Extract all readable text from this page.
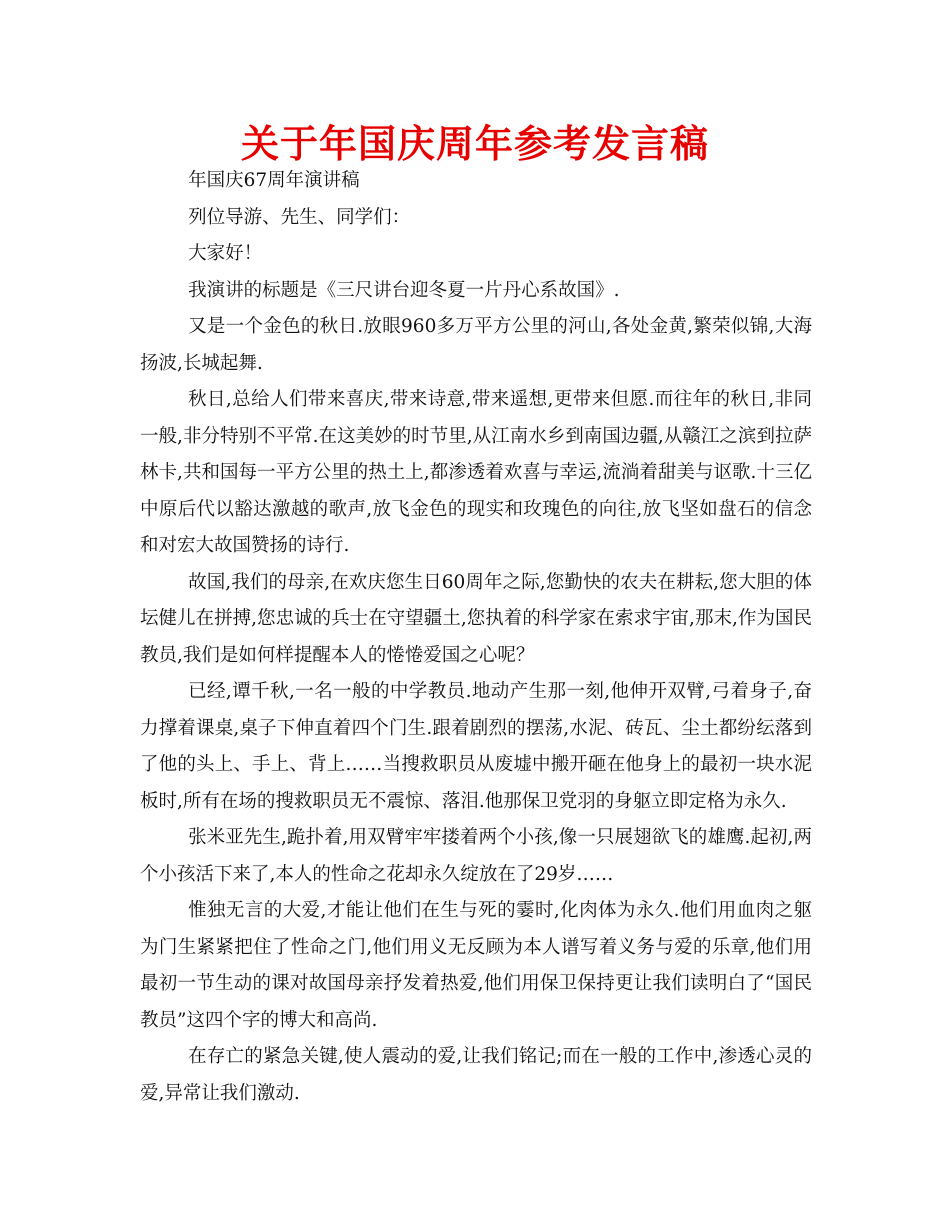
关于年国庆周年参考发言稿

年国庆67周年演讲稿

列位导游、先生、同学们：

大家好！

我演讲的标题是《三尺讲台迎冬夏一片丹心系故国》.

又是一个金色的秋日.放眼960多万平方公里的河山,各处金黄,繁荣似锦,大海扬波,长城起舞.

秋日,总给人们带来喜庆,带来诗意,带来遥想,更带来但愿.而往年的秋日,非同一般,非分特别不平常.在这美妙的时节里,从江南水乡到南国边疆,从赣江之滨到拉萨林卡,共和国每一平方公里的热土上,都渗透着欢喜与幸运,流淌着甜美与讴歌.十三亿中原后代以豁达激越的歌声,放飞金色的现实和玫瑰色的向往,放飞坚如盘石的信念和对宏大故国赞扬的诗行.

故国,我们的母亲,在欢庆您生日60周年之际,您勤快的农夫在耕耘,您大胆的体坛健儿在拼搏,您忠诚的兵士在守望疆土,您执着的科学家在索求宇宙,那末,作为国民教员,我们是如何样提醒本人的惓惓爱国之心呢？

已经,谭千秋,一名一般的中学教员.地动产生那一刻,他伸开双臂,弓着身子,奋力撑着课桌,桌子下伸直着四个门生.跟着剧烈的摆荡,水泥、砖瓦、尘土都纷纭落到了他的头上、手上、背上……当搜救职员从废墟中搬开砸在他身上的最初一块水泥板时,所有在场的搜救职员无不震惊、落泪.他那保卫党羽的身躯立即定格为永久.

张米亚先生,跪扑着,用双臂牢牢搂着两个小孩,像一只展翅欲飞的雄鹰.起初,两个小孩活下来了,本人的性命之花却永久绽放在了29岁……

惟独无言的大爱,才能让他们在生与死的霎时,化肉体为永久.他们用血肉之躯为门生紧紧把住了性命之门,他们用义无反顾为本人谱写着义务与爱的乐章,他们用最初一节生动的课对故国母亲抒发着热爱,他们用保卫保持更让我们读明白了“国民教员”这四个字的博大和高尚.

在存亡的紧急关键,使人震动的爱,让我们铭记;而在一般的工作中,渗透心灵的爱,异常让我们激动.
